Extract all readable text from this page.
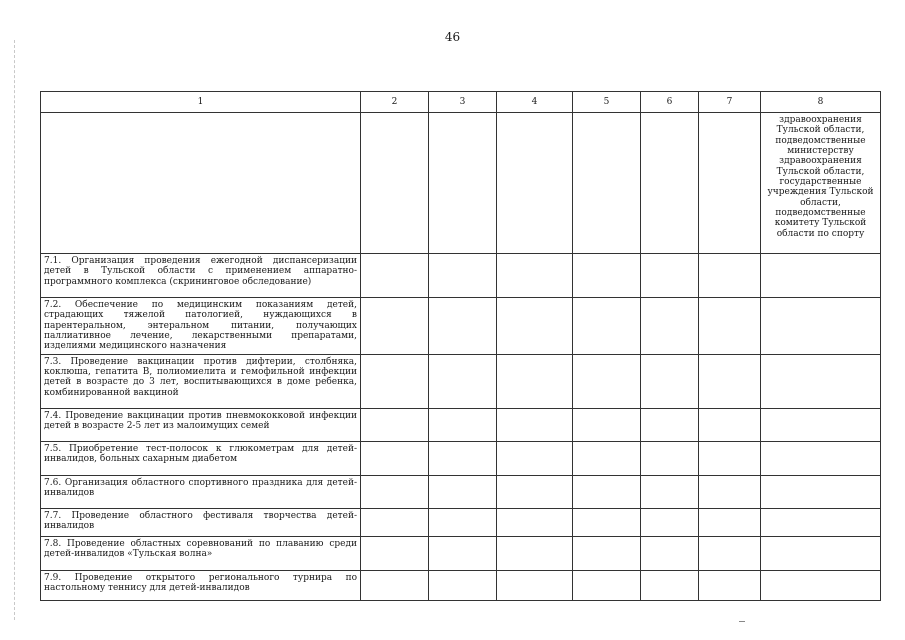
46
1	2	3	4	5	6	7	8
							здравоохранения Тульской области, подведомственные министерству здравоохранения Тульской области, государственные учреждения Тульской области, подведомственные комитету Тульской области по спорту
7.1. Организация проведения ежегодной диспансеризации детей в Тульской области с применением аппаратно-программного комплекса (скрининговое обследование)							
7.2. Обеспечение по медицинским показаниям детей, страдающих тяжелой патологией, нуждающихся в парентеральном, энтеральном питании, получающих паллиативное лечение, лекарственными препаратами, изделиями медицинского назначения							
7.3. Проведение вакцинации против дифтерии, столбняка, коклюша, гепатита В, полиомиелита и гемофильной инфекции детей в возрасте до 3 лет, воспитывающихся в доме ребенка, комбинированной вакциной							
7.4. Проведение вакцинации против пневмококковой инфекции детей в возрасте 2-5 лет из малоимущих семей							
7.5. Приобретение тест-полосок к глюкометрам для детей-инвалидов, больных сахарным диабетом							
7.6. Организация областного спортивного праздника для детей-инвалидов							
7.7. Проведение областного фестиваля творчества детей-инвалидов							
7.8. Проведение областных соревнований по плаванию среди детей-инвалидов «Тульская волна»							
7.9. Проведение открытого регионального турнира по настольному теннису для детей-инвалидов							
